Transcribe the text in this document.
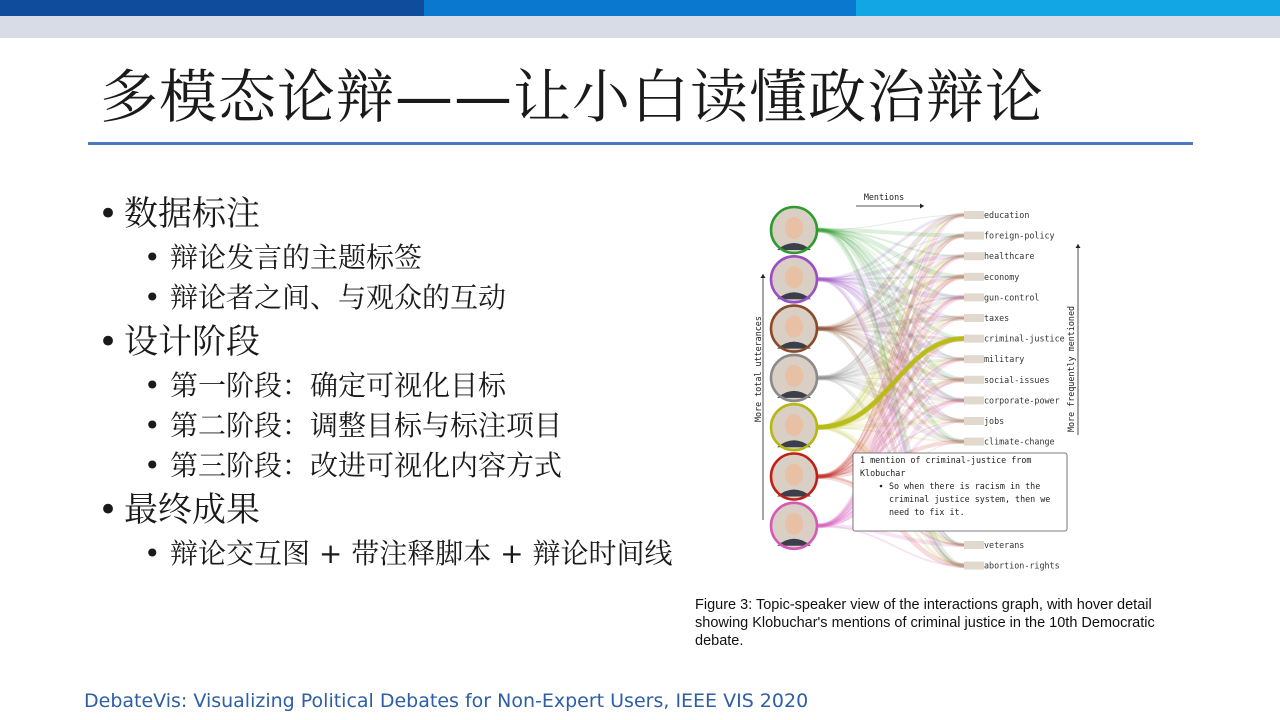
多模态论辩——让小白读懂政治辩论
• 数据标注
• 辩论发言的主题标签
• 辩论者之间、与观众的互动
• 设计阶段
• 第一阶段：确定可视化目标
• 第二阶段：调整目标与标注项目
• 第三阶段：改进可视化内容方式
• 最终成果
• 辩论交互图 + 带注释脚本 + 辩论时间线
education
foreign-policy
healthcare
economy
gun-control
taxes
criminal-justice
military
social-issues
corporate-power
jobs
climate-change
veterans
abortion-rights
Mentions
More total utterances	More frequently mentioned
1 mention of criminal-justice from
Klobuchar
So when there is racism in the
criminal justice system, then we
need to fix it.
Figure 3: Topic-speaker view of the interactions graph, with hover detail showing Klobuchar's mentions of criminal justice in the 10th Democratic debate.
DebateVis: Visualizing Political Debates for Non-Expert Users, IEEE VIS 2020
